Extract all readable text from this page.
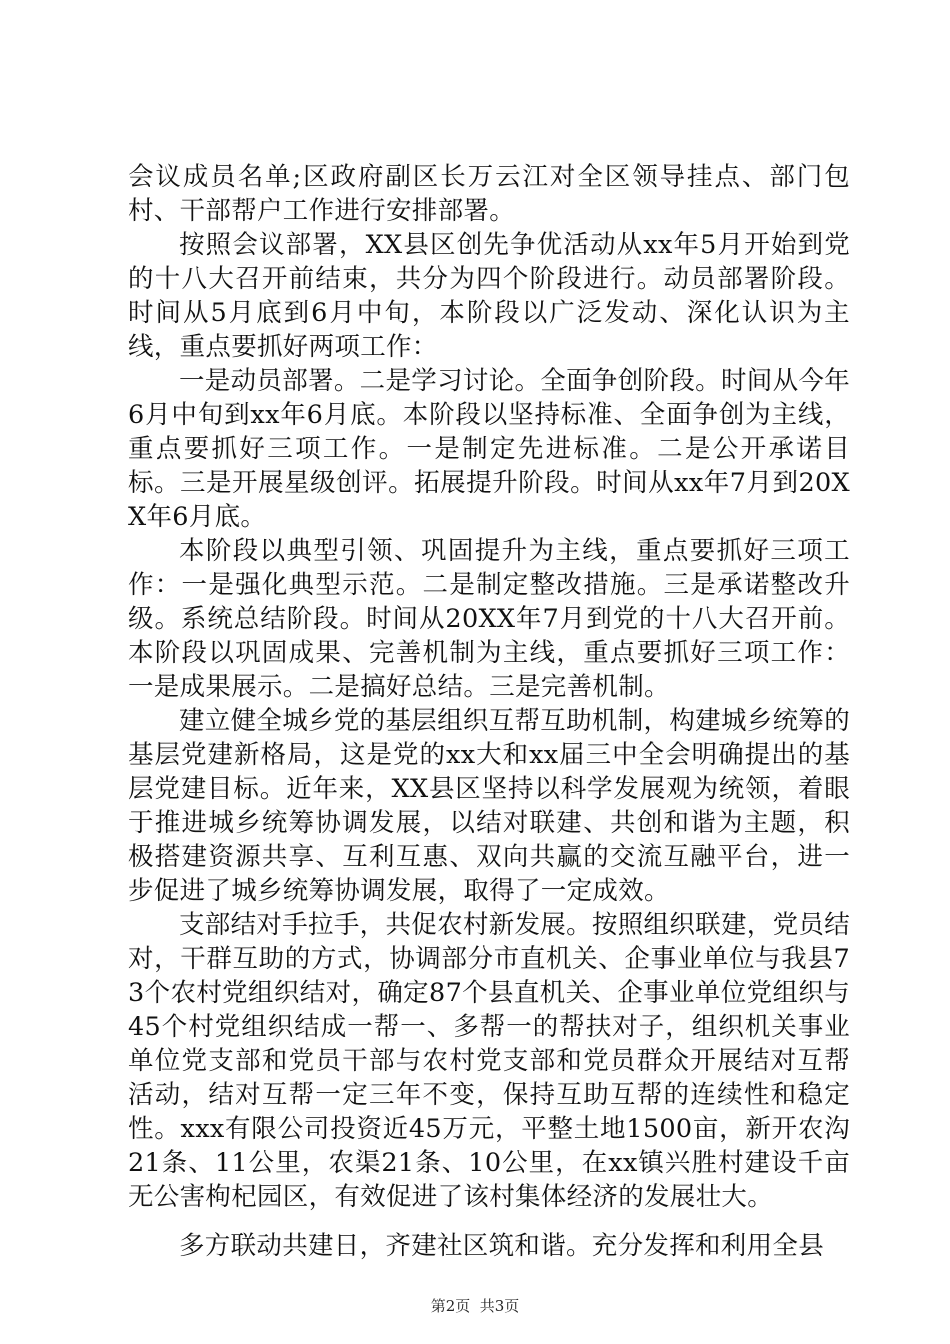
会议成员名单;区政府副区长万云江对全区领导挂点、部门包村、干部帮户工作进行安排部署。

按照会议部署，XX县区创先争优活动从xx年5月开始到党的十八大召开前结束，共分为四个阶段进行。动员部署阶段。时间从5月底到6月中旬，本阶段以广泛发动、深化认识为主线，重点要抓好两项工作：

一是动员部署。二是学习讨论。全面争创阶段。时间从今年6月中旬到xx年6月底。本阶段以坚持标准、全面争创为主线，重点要抓好三项工作。一是制定先进标准。二是公开承诺目标。三是开展星级创评。拓展提升阶段。时间从xx年7月到20XX年6月底。

本阶段以典型引领、巩固提升为主线，重点要抓好三项工作：一是强化典型示范。二是制定整改措施。三是承诺整改升级。系统总结阶段。时间从20XX年7月到党的十八大召开前。本阶段以巩固成果、完善机制为主线，重点要抓好三项工作：一是成果展示。二是搞好总结。三是完善机制。

建立健全城乡党的基层组织互帮互助机制，构建城乡统筹的基层党建新格局，这是党的xx大和xx届三中全会明确提出的基层党建目标。近年来，XX县区坚持以科学发展观为统领，着眼于推进城乡统筹协调发展，以结对联建、共创和谐为主题，积极搭建资源共享、互利互惠、双向共赢的交流互融平台，进一步促进了城乡统筹协调发展，取得了一定成效。

支部结对手拉手，共促农村新发展。按照组织联建，党员结对，干群互助的方式，协调部分市直机关、企事业单位与我县73个农村党组织结对，确定87个县直机关、企事业单位党组织与45个村党组织结成一帮一、多帮一的帮扶对子，组织机关事业单位党支部和党员干部与农村党支部和党员群众开展结对互帮活动，结对互帮一定三年不变，保持互助互帮的连续性和稳定性。xxx有限公司投资近45万元，平整土地1500亩，新开农沟21条、11公里，农渠21条、10公里，在xx镇兴胜村建设千亩无公害枸杞园区，有效促进了该村集体经济的发展壮大。

多方联动共建日，齐建社区筑和谐。充分发挥和利用全县

第2页  共3页
